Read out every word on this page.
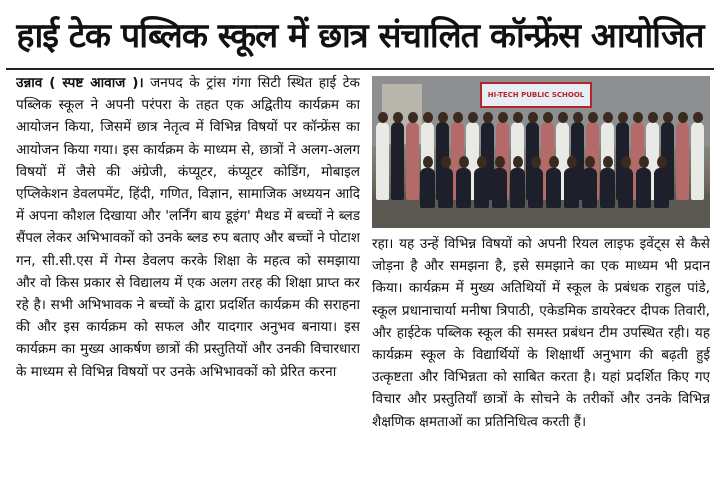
हाई टेक पब्लिक स्कूल में छात्र संचालित कॉन्फ्रेंस आयोजित

उन्नाव ( स्पष्ट आवाज )। जनपद के ट्रांस गंगा सिटी स्थित हाई टेक पब्लिक स्कूल ने अपनी परंपरा के तहत एक अद्वितीय कार्यक्रम का आयोजन किया, जिसमें छात्र नेतृत्व में विभिन्न विषयों पर कॉन्फ्रेंस का आयोजन किया गया। इस कार्यक्रम के माध्यम से, छात्रों ने अलग-अलग विषयों में जैसे की अंग्रेजी, कंप्यूटर, कंप्यूटर कोडिंग, मोबाइल एप्लिकेशन डेवलपमेंट, हिंदी, गणित, विज्ञान, सामाजिक अध्ययन आदि में अपना कौशल दिखाया और 'लर्निंग बाय डूइंग' मैथड में बच्चों ने ब्लड सैंपल लेकर अभिभावकों को उनके ब्लड रुप बताए और बच्चों ने पोटाश गन, सी.सी.एस में गेम्स डेवलप करके शिक्षा के महत्व को समझाया और वो किस प्रकार से विद्यालय में एक अलग तरह की शिक्षा प्राप्त कर रहे है। सभी अभिभावक ने बच्चों के द्वारा प्रदर्शित कार्यक्रम की सराहना की और इस कार्यक्रम को सफल और यादगार अनुभव बनाया। इस कार्यक्रम का मुख्य आकर्षण छात्रों की प्रस्तुतियों और उनकी विचारधारा के माध्यम से विभिन्न विषयों पर उनके अभिभावकों को प्रेरित करना

HI-TECH PUBLIC SCHOOL

रहा। यह उन्हें विभिन्न विषयों को अपनी रियल लाइफ इवेंट्स से कैसे जोड़ना है और समझना है, इसे समझाने का एक माध्यम भी प्रदान किया। कार्यक्रम में मुख्य अतिथियों में स्कूल के प्रबंधक राहुल पांडे, स्कूल प्रधानाचार्या मनीषा त्रिपाठी, एकेडमिक डायरेक्टर दीपक तिवारी, और हाईटेक पब्लिक स्कूल की समस्त प्रबंधन टीम उपस्थित रही। यह कार्यक्रम स्कूल के विद्यार्थियों के शिक्षार्थी अनुभाग की बढ़ती हुई उत्कृष्टता और विभिन्नता को साबित करता है। यहां प्रदर्शित किए गए विचार और प्रस्तुतियाँ छात्रों के सोचने के तरीकों और उनके विभिन्न शैक्षणिक क्षमताओं का प्रतिनिधित्व करती हैं।
